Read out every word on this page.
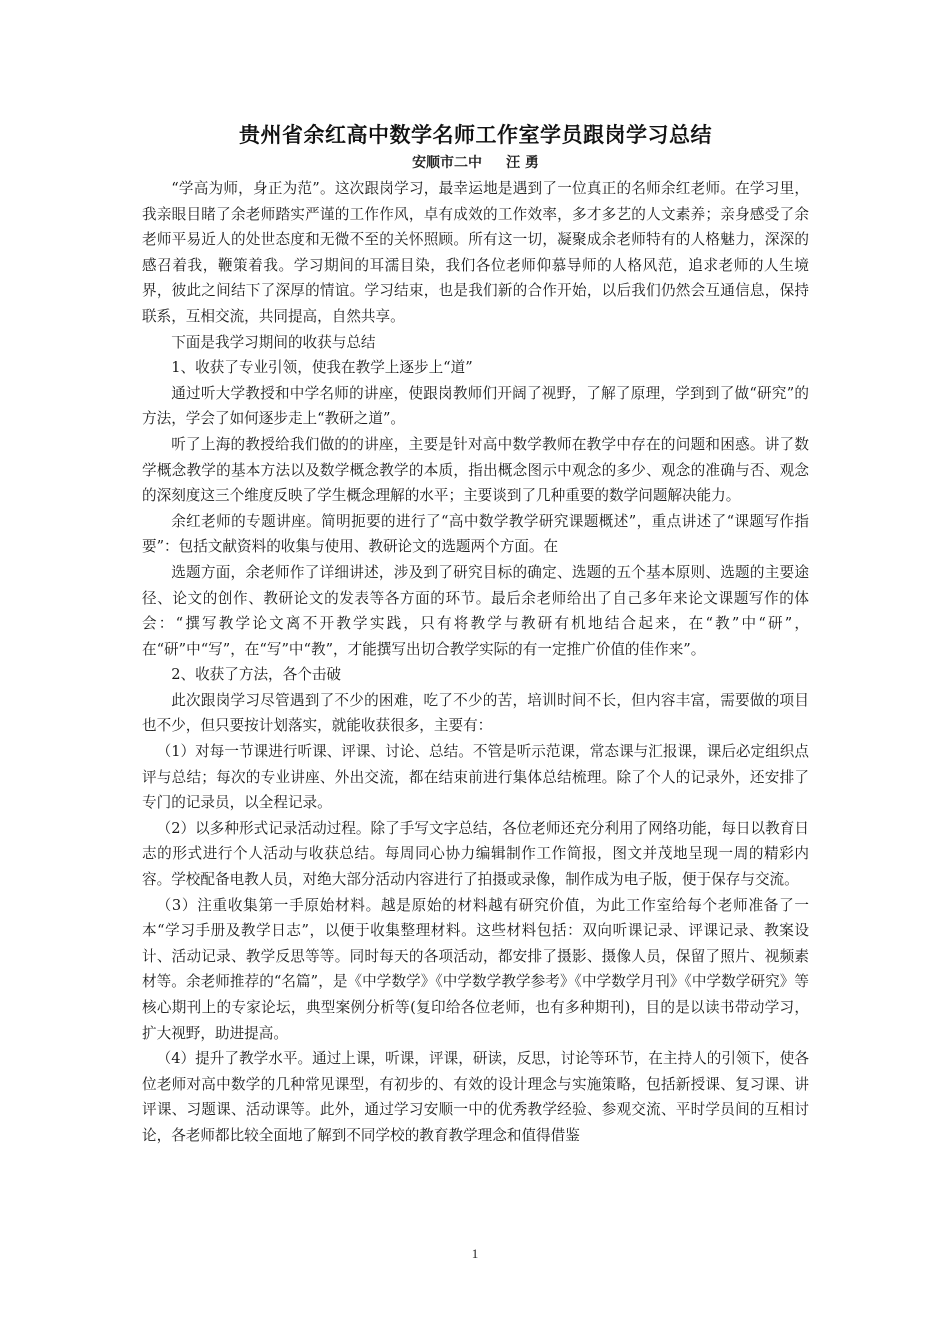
贵州省余红高中数学名师工作室学员跟岗学习总结

安顺市二中 汪 勇

“学高为师，身正为范”。这次跟岗学习，最幸运地是遇到了一位真正的名师余红老师。在学习里，我亲眼目睹了余老师踏实严谨的工作作风，卓有成效的工作效率，多才多艺的人文素养；亲身感受了余老师平易近人的处世态度和无微不至的关怀照顾。所有这一切，凝聚成余老师特有的人格魅力，深深的感召着我，鞭策着我。学习期间的耳濡目染，我们各位老师仰慕导师的人格风范，追求老师的人生境界，彼此之间结下了深厚的情谊。学习结束，也是我们新的合作开始，以后我们仍然会互通信息，保持联系，互相交流，共同提高，自然共享。

下面是我学习期间的收获与总结

1、收获了专业引领，使我在教学上逐步上“道”

通过听大学教授和中学名师的讲座，使跟岗教师们开阔了视野，了解了原理，学到到了做“研究”的方法，学会了如何逐步走上“教研之道”。

听了上海的教授给我们做的的讲座，主要是针对高中数学教师在教学中存在的问题和困惑。讲了数学概念教学的基本方法以及数学概念教学的本质，指出概念图示中观念的多少、观念的准确与否、观念的深刻度这三个维度反映了学生概念理解的水平；主要谈到了几种重要的数学问题解决能力。

余红老师的专题讲座。简明扼要的进行了“高中数学教学研究课题概述”，重点讲述了“课题写作指要”：包括文献资料的收集与使用、教研论文的选题两个方面。在

选题方面，余老师作了详细讲述，涉及到了研究目标的确定、选题的五个基本原则、选题的主要途径、论文的创作、教研论文的发表等各方面的环节。最后余老师给出了自己多年来论文课题写作的体会：“撰写教学论文离不开教学实践，只有将教学与教研有机地结合起来，在“教”中“研”，在“研”中“写”，在“写”中“教”，才能撰写出切合教学实际的有一定推广价值的佳作来”。

2、收获了方法，各个击破

此次跟岗学习尽管遇到了不少的困难，吃了不少的苦，培训时间不长，但内容丰富，需要做的项目也不少，但只要按计划落实，就能收获很多，主要有：

（1）对每一节课进行听课、评课、讨论、总结。不管是听示范课，常态课与汇报课，课后必定组织点评与总结；每次的专业讲座、外出交流，都在结束前进行集体总结梳理。除了个人的记录外，还安排了专门的记录员，以全程记录。

（2）以多种形式记录活动过程。除了手写文字总结，各位老师还充分利用了网络功能，每日以教育日志的形式进行个人活动与收获总结。每周同心协力编辑制作工作简报，图文并茂地呈现一周的精彩内容。学校配备电教人员，对绝大部分活动内容进行了拍摄或录像，制作成为电子版，便于保存与交流。

（3）注重收集第一手原始材料。越是原始的材料越有研究价值，为此工作室给每个老师准备了一本“学习手册及教学日志”，以便于收集整理材料。这些材料包括：双向听课记录、评课记录、教案设计、活动记录、教学反思等等。同时每天的各项活动，都安排了摄影、摄像人员，保留了照片、视频素材等。余老师推荐的“名篇”，是《中学数学》《中学数学教学参考》《中学数学月刊》《中学数学研究》等核心期刊上的专家论坛，典型案例分析等(复印给各位老师，也有多种期刊)，目的是以读书带动学习，扩大视野，助进提高。

（4）提升了教学水平。通过上课，听课，评课，研读，反思，讨论等环节，在主持人的引领下，使各位老师对高中数学的几种常见课型，有初步的、有效的设计理念与实施策略，包括新授课、复习课、讲评课、习题课、活动课等。此外，通过学习安顺一中的优秀教学经验、参观交流、平时学员间的互相讨论，各老师都比较全面地了解到不同学校的教育教学理念和值得借鉴

1
